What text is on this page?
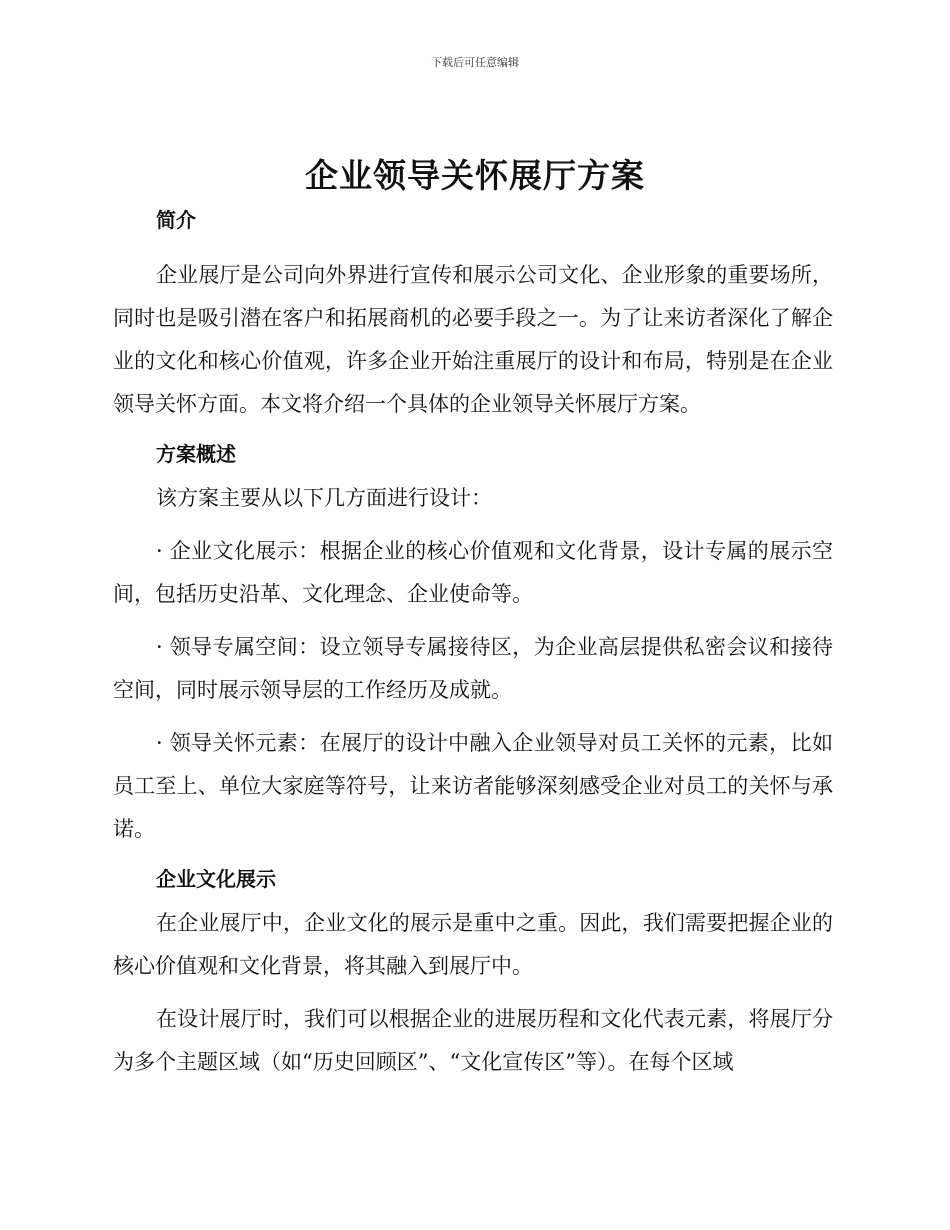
下载后可任意编辑
企业领导关怀展厅方案
简介

企业展厅是公司向外界进行宣传和展示公司文化、企业形象的重要场所，同时也是吸引潜在客户和拓展商机的必要手段之一。为了让来访者深化了解企业的文化和核心价值观，许多企业开始注重展厅的设计和布局，特别是在企业领导关怀方面。本文将介绍一个具体的企业领导关怀展厅方案。

方案概述

该方案主要从以下几方面进行设计：

· 企业文化展示：根据企业的核心价值观和文化背景，设计专属的展示空间，包括历史沿革、文化理念、企业使命等。

· 领导专属空间：设立领导专属接待区，为企业高层提供私密会议和接待空间，同时展示领导层的工作经历及成就。

· 领导关怀元素：在展厅的设计中融入企业领导对员工关怀的元素，比如员工至上、单位大家庭等符号，让来访者能够深刻感受企业对员工的关怀与承诺。

企业文化展示

在企业展厅中，企业文化的展示是重中之重。因此，我们需要把握企业的核心价值观和文化背景，将其融入到展厅中。

在设计展厅时，我们可以根据企业的进展历程和文化代表元素，将展厅分为多个主题区域（如“历史回顾区”、“文化宣传区”等）。在每个区域
